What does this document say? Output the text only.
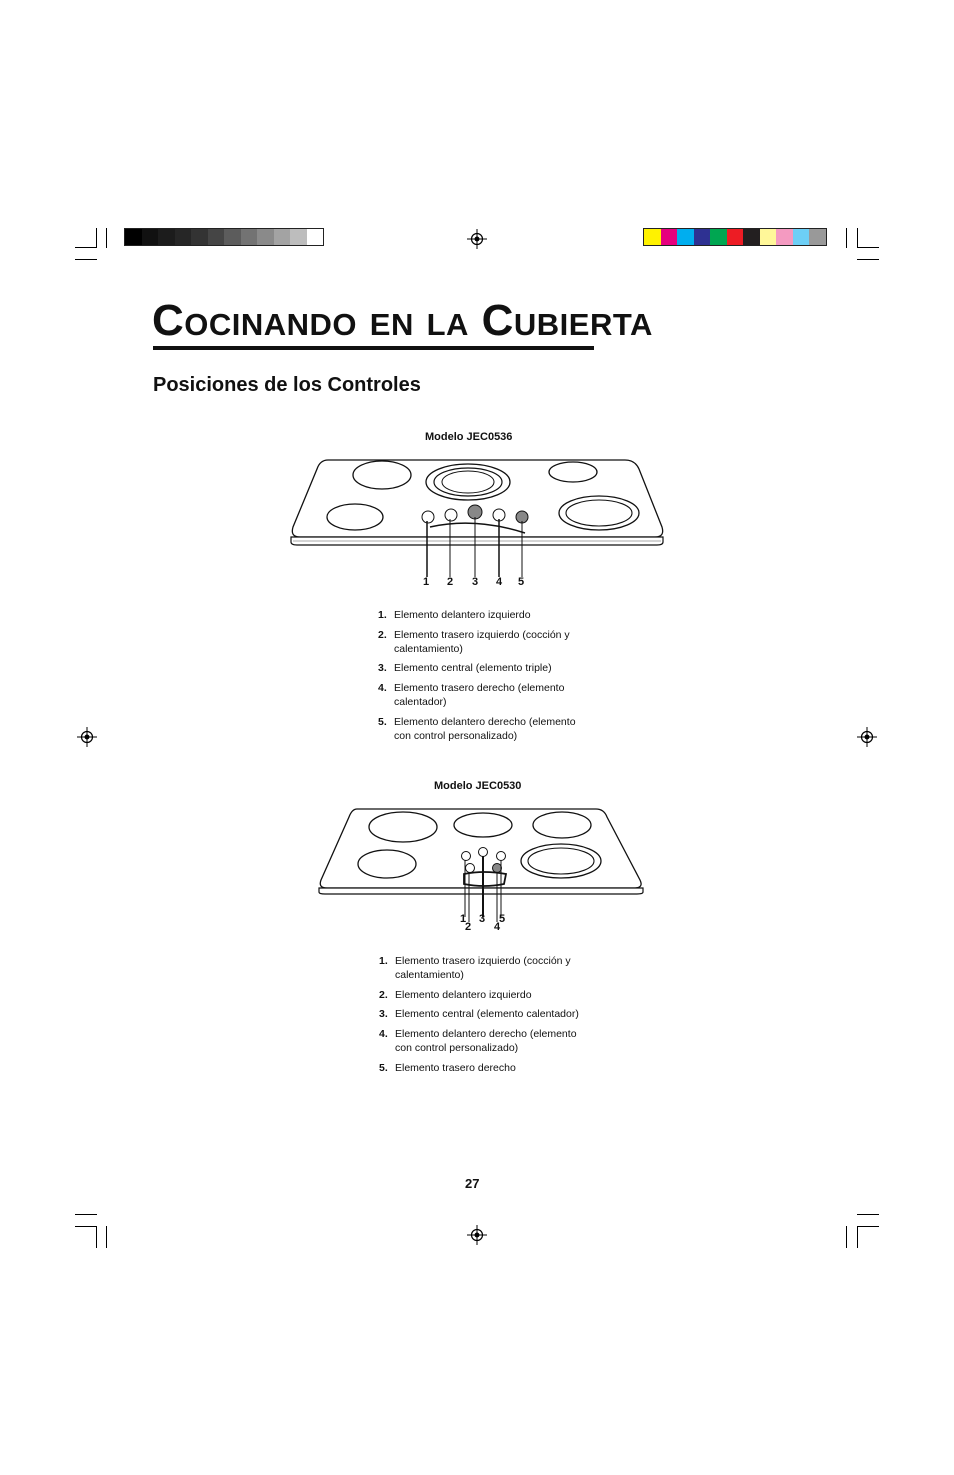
Cocinando en la Cubierta
Posiciones de los Controles
Modelo JEC0536
1 2 3 4 5
1. Elemento delantero izquierdo
2. Elemento trasero izquierdo (cocción y calentamiento)
3. Elemento central (elemento triple)
4. Elemento trasero derecho (elemento calentador)
5. Elemento delantero derecho (elemento con control personalizado)
Modelo JEC0530
1
2
3
4
5
1. Elemento trasero izquierdo (cocción y calentamiento)
2. Elemento delantero izquierdo
3. Elemento central (elemento calentador)
4. Elemento delantero derecho (elemento con control personalizado)
5. Elemento trasero derecho
27
